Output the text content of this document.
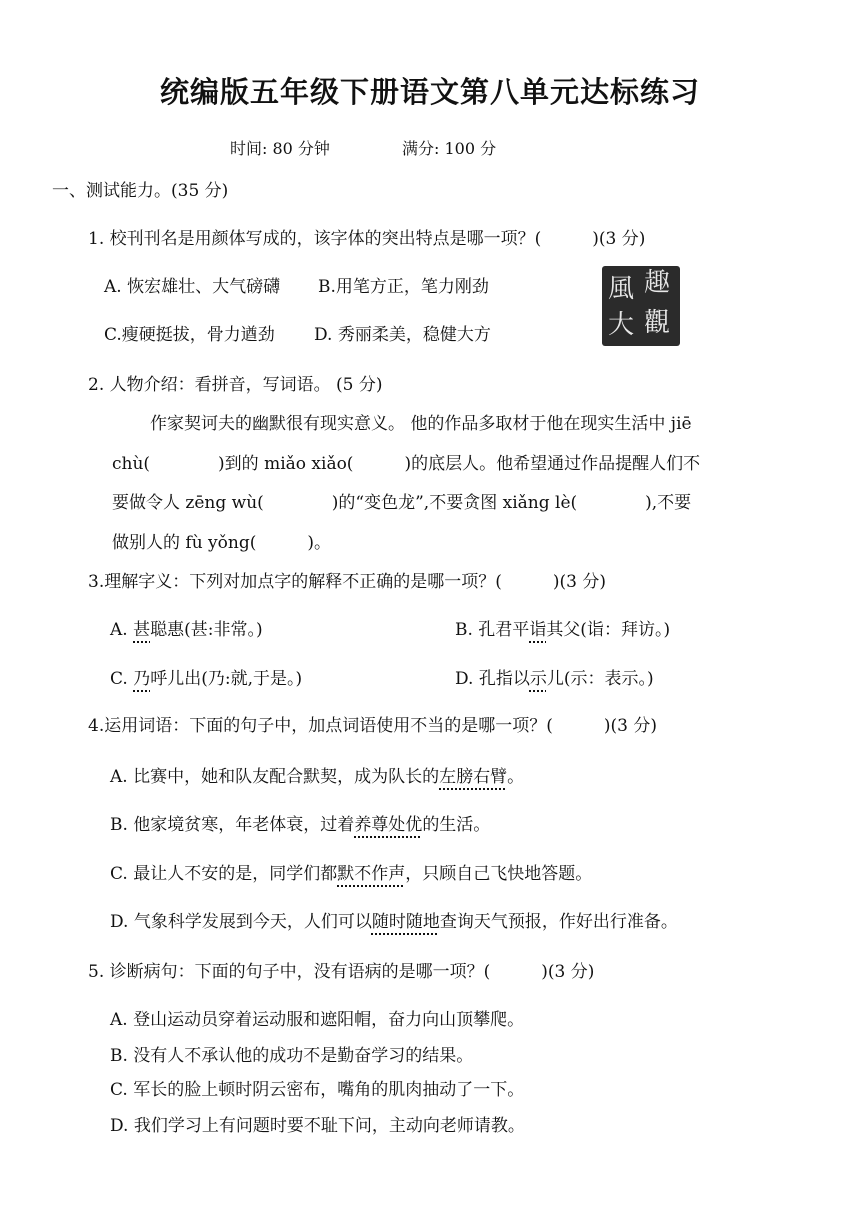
统编版五年级下册语文第八单元达标练习
时间: 80 分钟	满分: 100 分
一、测试能力。(35 分)
1. 校刊刊名是用颜体写成的，该字体的突出特点是哪一项？(　　　)(3 分)
A. 恢宏雄壮、大气磅礴 B.用笔方正，笔力刚劲
C.瘦硬挺拔，骨力遒劲 D. 秀丽柔美，稳健大方
風 趣
大 觀
2. 人物介绍：看拼音，写词语。 (5 分)
作家契诃夫的幽默很有现实意义。 他的作品多取材于他在现实生活中 jiē
chù(　　　　)到的 miǎo xiǎo(　　　)的底层人。他希望通过作品提醒人们不
要做令人 zēng wù(　　　　)的“变色龙”,不要贪图 xiǎng lè(　　　　),不要
做别人的 fù yǒng(　　　)。
3.理解字义：下列对加点字的解释不正确的是哪一项？(　　　)(3 分)
A. 甚聪惠(甚:非常。)	B. 孔君平诣其父(诣：拜访。)
C. 乃呼儿出(乃:就,于是。)	D. 孔指以示儿(示：表示。)
4.运用词语：下面的句子中，加点词语使用不当的是哪一项？(　　　)(3 分)
A. 比赛中，她和队友配合默契，成为队长的左膀右臂。
B. 他家境贫寒，年老体衰，过着养尊处优的生活。
C. 最让人不安的是，同学们都默不作声，只顾自己飞快地答题。
D. 气象科学发展到今天，人们可以随时随地查询天气预报，作好出行准备。
5. 诊断病句：下面的句子中，没有语病的是哪一项？(　　　)(3 分)
A. 登山运动员穿着运动服和遮阳帽，奋力向山顶攀爬。
B. 没有人不承认他的成功不是勤奋学习的结果。
C. 军长的脸上顿时阴云密布，嘴角的肌肉抽动了一下。
D. 我们学习上有问题时要不耻下问，主动向老师请教。
